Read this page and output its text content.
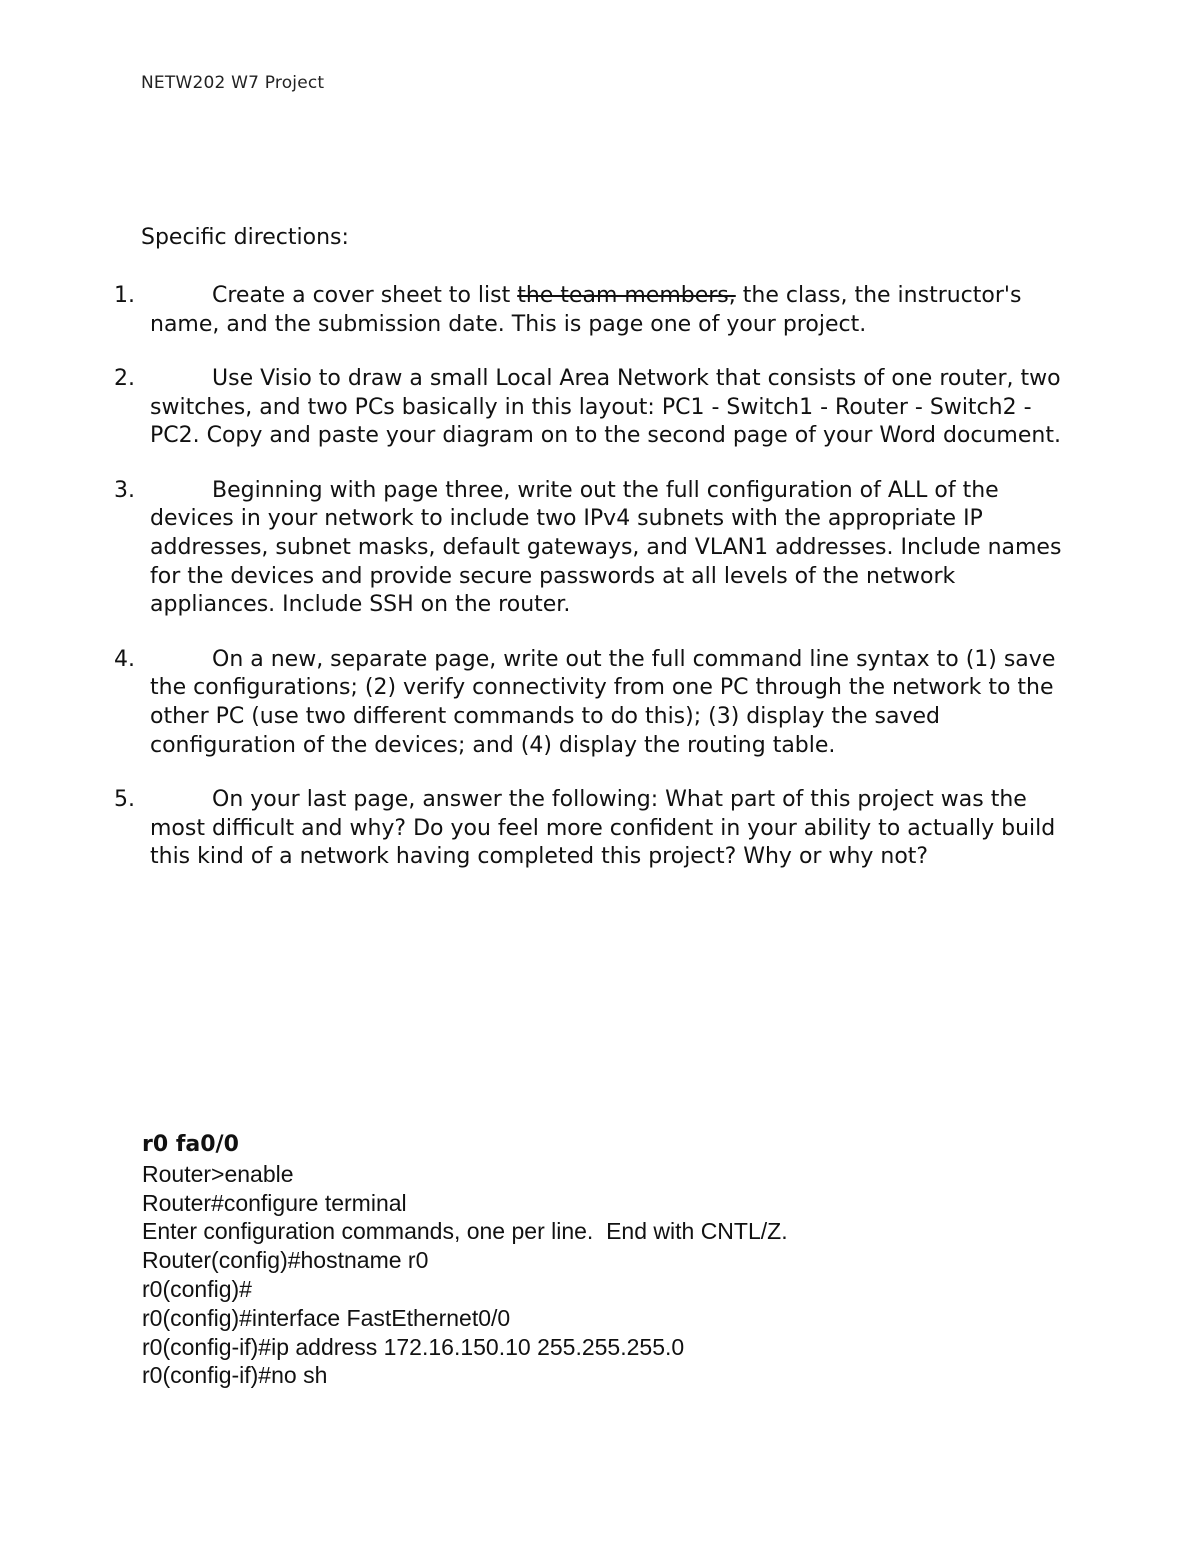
NETW202 W7 Project
Specific directions:
1.	Create a cover sheet to list the team members, the class, the instructor's name, and the submission date. This is page one of your project.
2.	Use Visio to draw a small Local Area Network that consists of one router, two switches, and two PCs basically in this layout: PC1 - Switch1 - Router - Switch2 - PC2. Copy and paste your diagram on to the second page of your Word document.
3.	Beginning with page three, write out the full configuration of ALL of the devices in your network to include two IPv4 subnets with the appropriate IP addresses, subnet masks, default gateways, and VLAN1 addresses. Include names for the devices and provide secure passwords at all levels of the network appliances. Include SSH on the router.
4.	On a new, separate page, write out the full command line syntax to (1) save the configurations; (2) verify connectivity from one PC through the network to the other PC (use two different commands to do this); (3) display the saved configuration of the devices; and (4) display the routing table.
5.	On your last page, answer the following: What part of this project was the most difficult and why? Do you feel more confident in your ability to actually build this kind of a network having completed this project? Why or why not?
r0 fa0/0
Router>enable
Router#configure terminal
Enter configuration commands, one per line.  End with CNTL/Z.
Router(config)#hostname r0
r0(config)#
r0(config)#interface FastEthernet0/0
r0(config-if)#ip address 172.16.150.10 255.255.255.0
r0(config-if)#no sh
